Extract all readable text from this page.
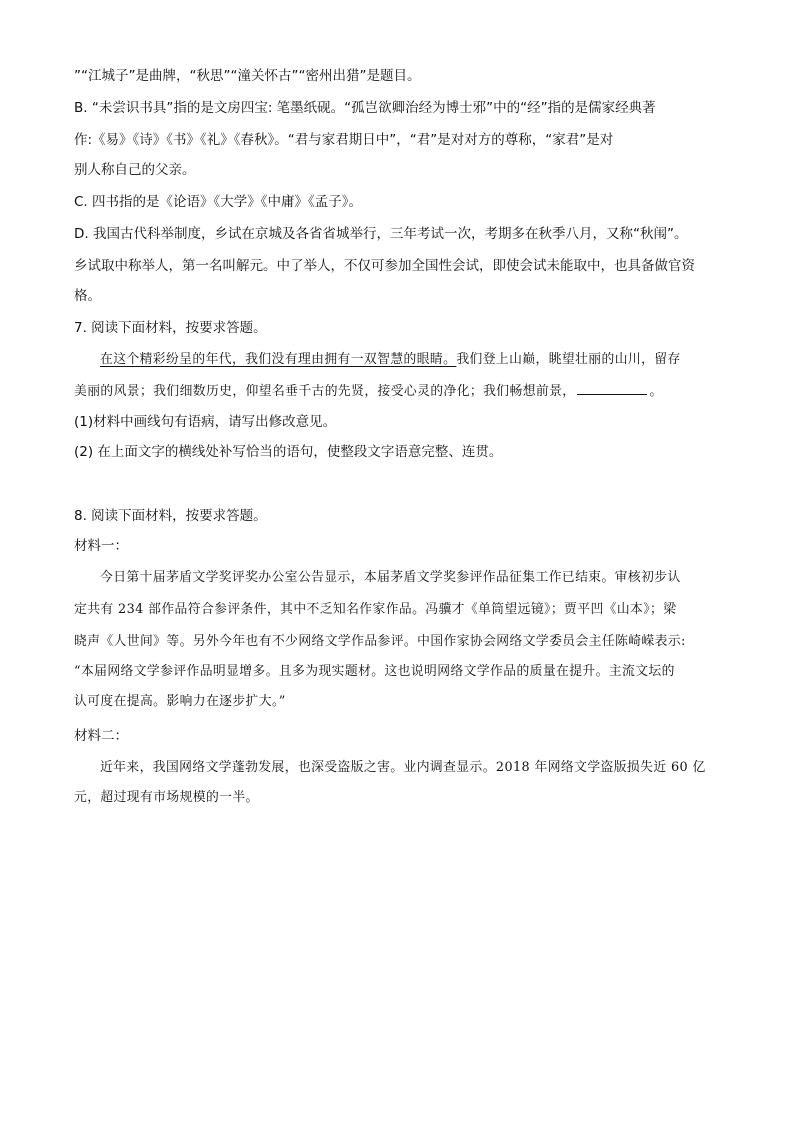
”“江城子”是曲牌，“秋思”“潼关怀古”“密州出猎”是题目。
B. “未尝识书具”指的是文房四宝: 笔墨纸砚。“孤岂欲卿治经为博士邪”中的“经”指的是儒家经典著
作:《易》《诗》《书》《礼》《春秋》。“君与家君期日中”，“君”是对对方的尊称，“家君”是对
别人称自己的父亲。
C. 四书指的是《论语》《大学》《中庸》《孟子》。
D. 我国古代科举制度，乡试在京城及各省省城举行，三年考试一次，考期多在秋季八月，又称“秋闱”。
乡试取中称举人，第一名叫解元。中了举人，不仅可参加全国性会试，即使会试未能取中，也具备做官资
格。
7. 阅读下面材料，按要求答题。
在这个精彩纷呈的年代，我们没有理由拥有一双智慧的眼睛。我们登上山巅，眺望壮丽的山川，留存
美丽的风景；我们细数历史，仰望名垂千古的先贤，接受心灵的净化；我们畅想前景，	。
(1)材料中画线句有语病，请写出修改意见。
(2) 在上面文字的横线处补写恰当的语句，使整段文字语意完整、连贯。
8. 阅读下面材料，按要求答题。
材料一：
今日第十届茅盾文学奖评奖办公室公告显示，本届茅盾文学奖参评作品征集工作已结束。审核初步认
定共有 234 部作品符合参评条件，其中不乏知名作家作品。冯骥才《单筒望远镜》；贾平凹《山本》；梁
晓声《人世间》等。另外今年也有不少网络文学作品参评。中国作家协会网络文学委员会主任陈崎嵘表示:
“本届网络文学参评作品明显增多。且多为现实题材。这也说明网络文学作品的质量在提升。主流文坛的
认可度在提高。影响力在逐步扩大。”
材料二：
近年来，我国网络文学蓬勃发展，也深受盗版之害。业内调查显示。2018 年网络文学盗版损失近 60 亿
元，超过现有市场规模的一半。
